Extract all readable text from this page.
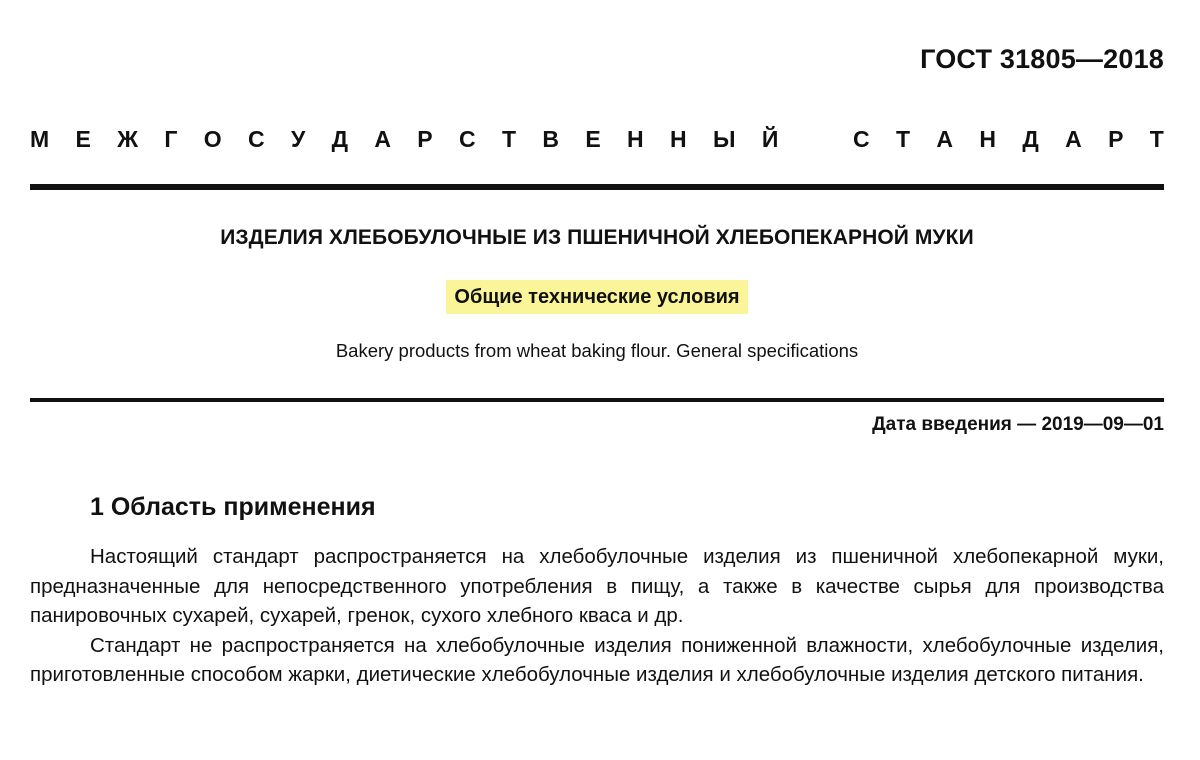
ГОСТ 31805—2018
М Е Ж Г О С У Д А Р С Т В Е Н Н Ы Й	С Т А Н Д А Р Т
ИЗДЕЛИЯ ХЛЕБОБУЛОЧНЫЕ ИЗ ПШЕНИЧНОЙ ХЛЕБОПЕКАРНОЙ МУКИ
Общие технические условия
Bakery products from wheat baking flour. General specifications
Дата введения — 2019—09—01
1 Область применения

Настоящий стандарт распространяется на хлебобулочные изделия из пшеничной хлебопекарной муки, предназначенные для непосредственного употребления в пищу, а также в качестве сырья для производства панировочных сухарей, сухарей, гренок, сухого хлебного кваса и др.

Стандарт не распространяется на хлебобулочные изделия пониженной влажности, хлебобулочные изделия, приготовленные способом жарки, диетические хлебобулочные изделия и хлебобулочные изделия детского питания.
